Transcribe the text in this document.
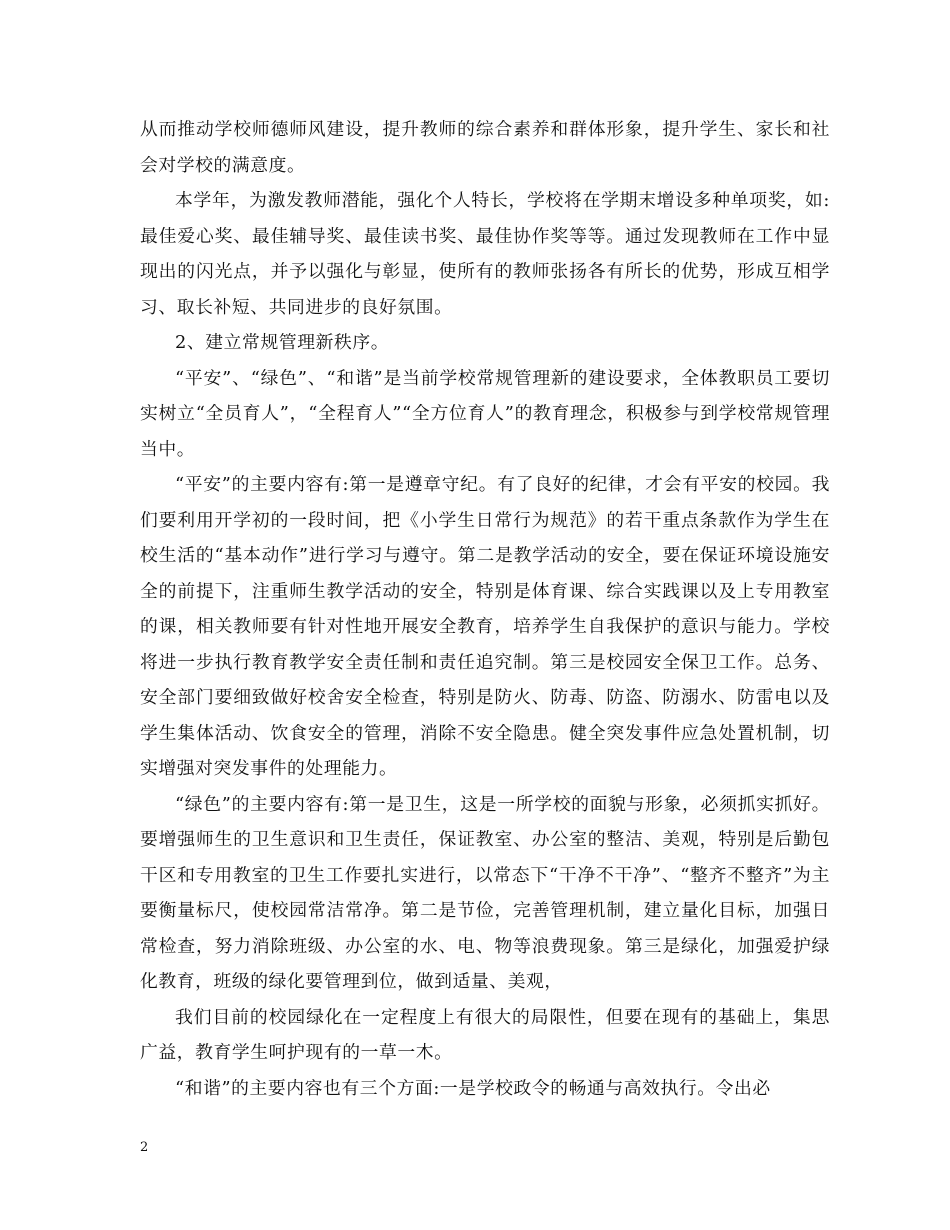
从而推动学校师德师风建设，提升教师的综合素养和群体形象，提升学生、家长和社会对学校的满意度。

本学年，为激发教师潜能，强化个人特长，学校将在学期末增设多种单项奖，如:最佳爱心奖、最佳辅导奖、最佳读书奖、最佳协作奖等等。通过发现教师在工作中显现出的闪光点，并予以强化与彰显，使所有的教师张扬各有所长的优势，形成互相学习、取长补短、共同进步的良好氛围。

2、建立常规管理新秩序。

“平安”、“绿色”、“和谐”是当前学校常规管理新的建设要求，全体教职员工要切实树立“全员育人”，“全程育人”“全方位育人”的教育理念，积极参与到学校常规管理当中。

“平安”的主要内容有:第一是遵章守纪。有了良好的纪律，才会有平安的校园。我们要利用开学初的一段时间，把《小学生日常行为规范》的若干重点条款作为学生在校生活的“基本动作”进行学习与遵守。第二是教学活动的安全，要在保证环境设施安全的前提下，注重师生教学活动的安全，特别是体育课、综合实践课以及上专用教室的课，相关教师要有针对性地开展安全教育，培养学生自我保护的意识与能力。学校将进一步执行教育教学安全责任制和责任追究制。第三是校园安全保卫工作。总务、安全部门要细致做好校舍安全检查，特别是防火、防毒、防盗、防溺水、防雷电以及学生集体活动、饮食安全的管理，消除不安全隐患。健全突发事件应急处置机制，切实增强对突发事件的处理能力。

“绿色”的主要内容有:第一是卫生，这是一所学校的面貌与形象，必须抓实抓好。要增强师生的卫生意识和卫生责任，保证教室、办公室的整洁、美观，特别是后勤包干区和专用教室的卫生工作要扎实进行，以常态下“干净不干净”、“整齐不整齐”为主要衡量标尺，使校园常洁常净。第二是节俭，完善管理机制，建立量化目标，加强日常检查，努力消除班级、办公室的水、电、物等浪费现象。第三是绿化，加强爱护绿化教育，班级的绿化要管理到位，做到适量、美观，

我们目前的校园绿化在一定程度上有很大的局限性，但要在现有的基础上，集思广益，教育学生呵护现有的一草一木。

“和谐”的主要内容也有三个方面:一是学校政令的畅通与高效执行。令出必

2
